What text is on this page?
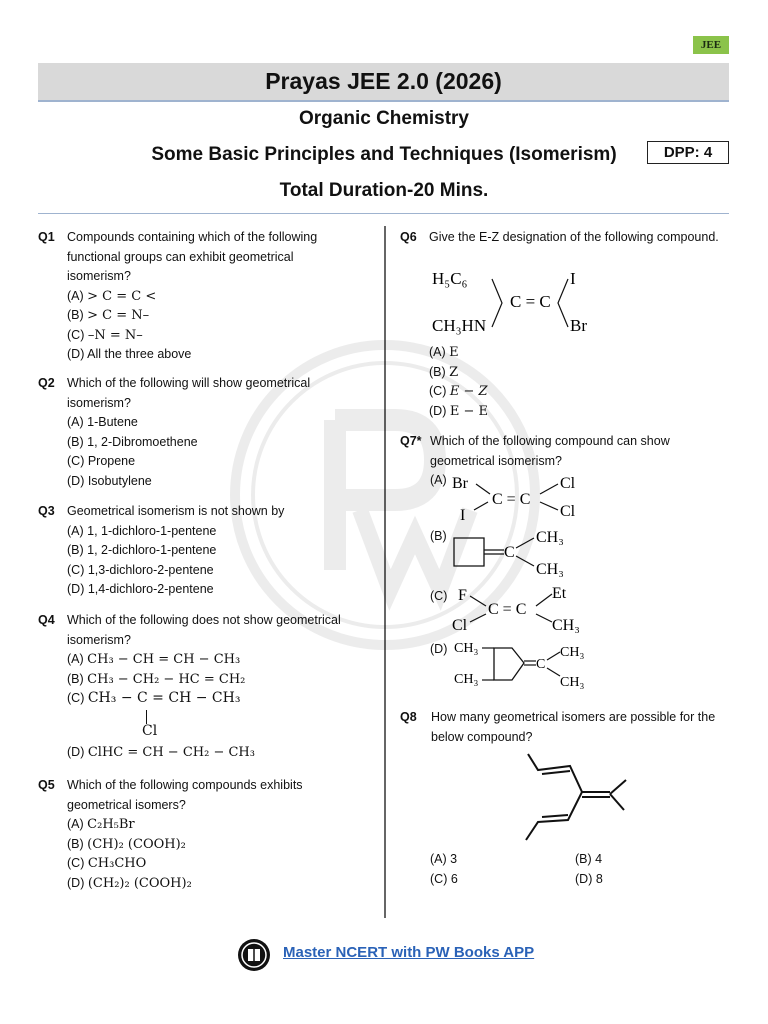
JEE
Prayas JEE 2.0 (2026)
Organic Chemistry
Some Basic Principles and Techniques (Isomerism)	DPP: 4
Total Duration-20 Mins.
Q1 Compounds containing which of the following functional groups can exhibit geometrical isomerism?
(A) > C = C <
(B) > C = N–
(C) –N = N–
(D) All the three above
Q2 Which of the following will show geometrical isomerism?
(A) 1-Butene
(B) 1, 2-Dibromoethene
(C) Propene
(D) Isobutylene
Q3 Geometrical isomerism is not shown by
(A) 1, 1-dichloro-1-pentene
(B) 1, 2-dichloro-1-pentene
(C) 1,3-dichloro-2-pentene
(D) 1,4-dichloro-2-pentene
Q4 Which of the following does not show geometrical isomerism?
(A) CH₃ − CH = CH − CH₃
(B) CH₃ − CH₂ − HC = CH₂
(C) CH₃ − C = CH − CH₃
Cl
(D) ClHC = CH − CH₂ − CH₃
Q5 Which of the following compounds exhibits geometrical isomers?
(A) C₂H₅Br
(B) (CH)₂ (COOH)₂
(C) CH₃CHO
(D) (CH₂)₂ (COOH)₂
Q6 Give the E-Z designation of the following compound.
H₅C₆
CH₃HN
C = C
I
Br
(A) E
(B) Z
(C) E − Z
(D) E − E
Q7* Which of the following compound can show geometrical isomerism?
(A)
(B)
(C)
(D)
Br
I
C = C
Cl
Cl
C
CH₃
CH₃
F
Cl
C = C
Et
CH₃
CH₃
CH₃
C
CH₃
CH₃
Q8 How many geometrical isomers are possible for the below compound?
(A) 3	(B) 4
(C) 6	(D) 8
Master NCERT with PW Books APP
